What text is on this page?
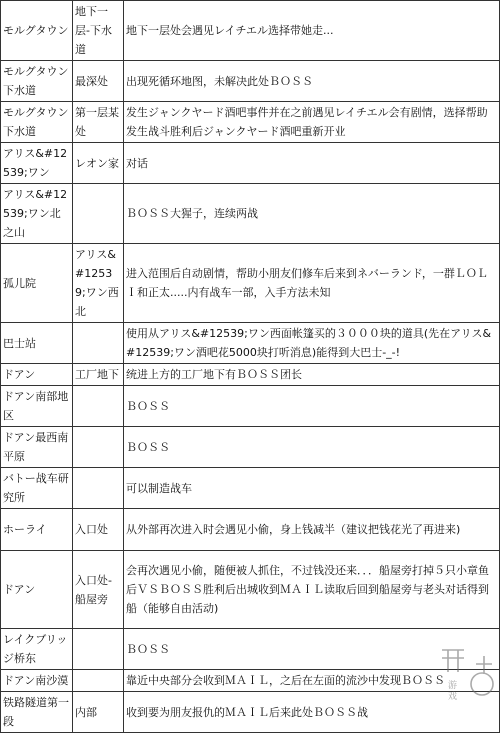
モルグタウン	地下一层-下水道	地下一层处会遇见レイチエル选择带她走...
モルグタウン下水道	最深处	出现死循环地图，未解决此处ＢＯＳＳ
モルグタウン下水道	第一层某处	发生ジャンクヤード酒吧事件并在之前遇见レイチエル会有剧情，选择帮助发生战斗胜利后ジャンクヤード酒吧重新开业
アリス&#12539;ワン	レオン家	对话
アリス&#12539;ワン北之山		ＢＯＳＳ大猩子，连续两战
孤儿院	アリス&#12539;ワン西北	进入范围后自动剧情，帮助小朋友们修车后来到ネバーランド，一群ＬＯＬＩ和正太.....内有战车一部，入手方法未知
巴士站		使用从アリス&#12539;ワン西面帐篷买的３０００块的道具(先在アリス&#12539;ワン酒吧花5000块打听消息)能得到大巴士-_-!
ドアン	工厂地下	统进上方的工厂地下有ＢＯＳＳ团长
ドアン南部地区		ＢＯＳＳ
ドアン最西南平原		ＢＯＳＳ
バトー战车研究所		可以制造战车
ホーライ	入口处	从外部再次进入时会遇见小偷，身上钱减半（建议把钱花光了再进来)
ドアン	入口处-船屋旁	会再次遇见小偷，随便被人抓住，不过钱没还来．．．船屋旁打掉５只小章鱼后ＶＳＢＯＳＳ胜利后出城收到ＭＡＩＬ读取后回到船屋旁与老头对话得到船（能够自由活动)
レイクブリッジ桥东		ＢＯＳＳ
ドアン南沙漠		靠近中央部分会收到ＭＡＩＬ，之后在左面的流沙中发现ＢＯＳＳ
铁路隧道第一段	内部	收到要为朋友报仇的ＭＡＩＬ后来此处ＢＯＳＳ战
游
戏
